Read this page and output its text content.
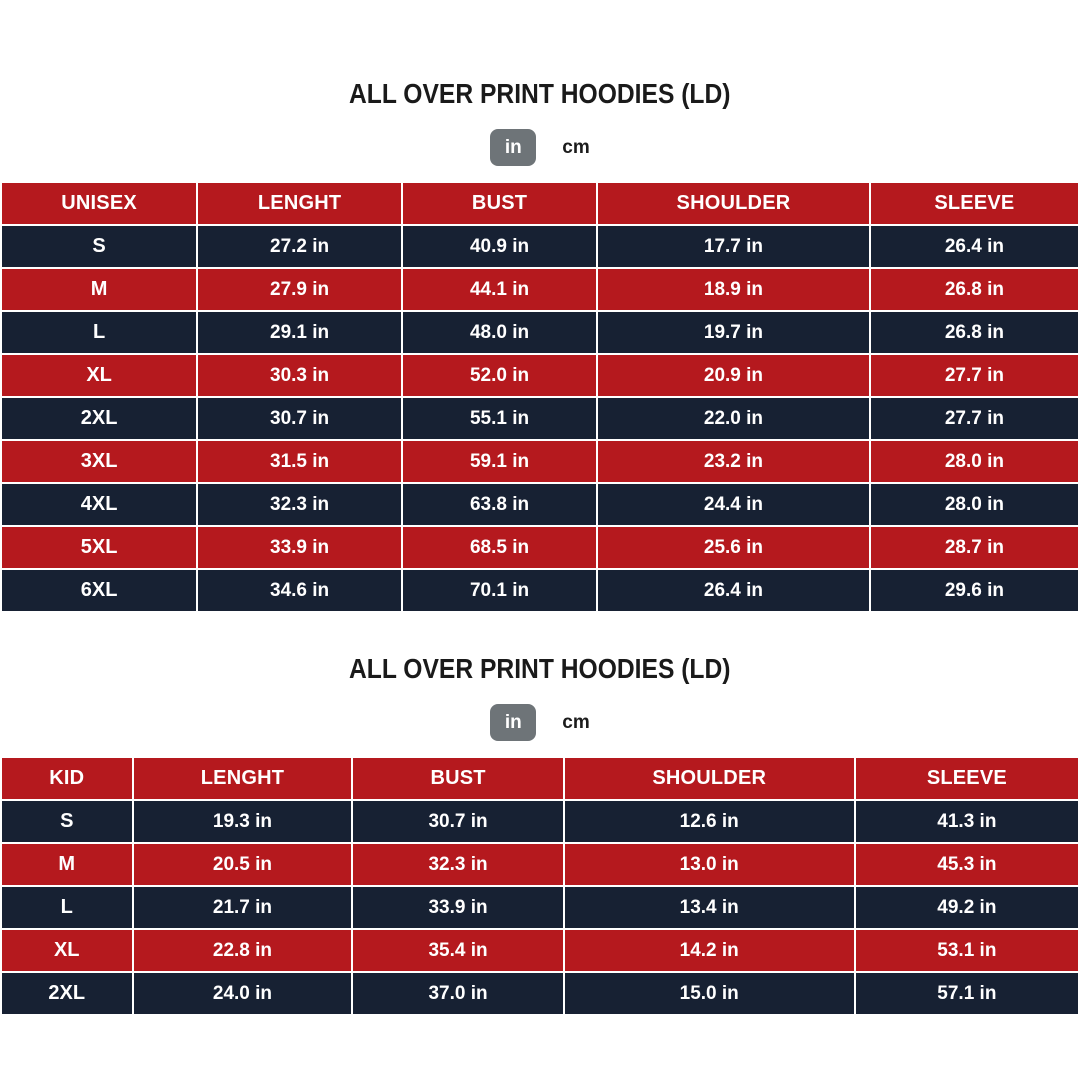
ALL OVER PRINT HOODIES (LD)
in	cm
UNISEX	LENGHT	BUST	SHOULDER	SLEEVE
S	27.2 in	40.9 in	17.7 in	26.4 in
M	27.9 in	44.1 in	18.9 in	26.8 in
L	29.1 in	48.0 in	19.7 in	26.8 in
XL	30.3 in	52.0 in	20.9 in	27.7 in
2XL	30.7 in	55.1 in	22.0 in	27.7 in
3XL	31.5 in	59.1 in	23.2 in	28.0 in
4XL	32.3 in	63.8 in	24.4 in	28.0 in
5XL	33.9 in	68.5 in	25.6 in	28.7 in
6XL	34.6 in	70.1 in	26.4 in	29.6 in
ALL OVER PRINT HOODIES (LD)
in	cm
KID	LENGHT	BUST	SHOULDER	SLEEVE
S	19.3 in	30.7 in	12.6 in	41.3 in
M	20.5 in	32.3 in	13.0 in	45.3 in
L	21.7 in	33.9 in	13.4 in	49.2 in
XL	22.8 in	35.4 in	14.2 in	53.1 in
2XL	24.0 in	37.0 in	15.0 in	57.1 in
